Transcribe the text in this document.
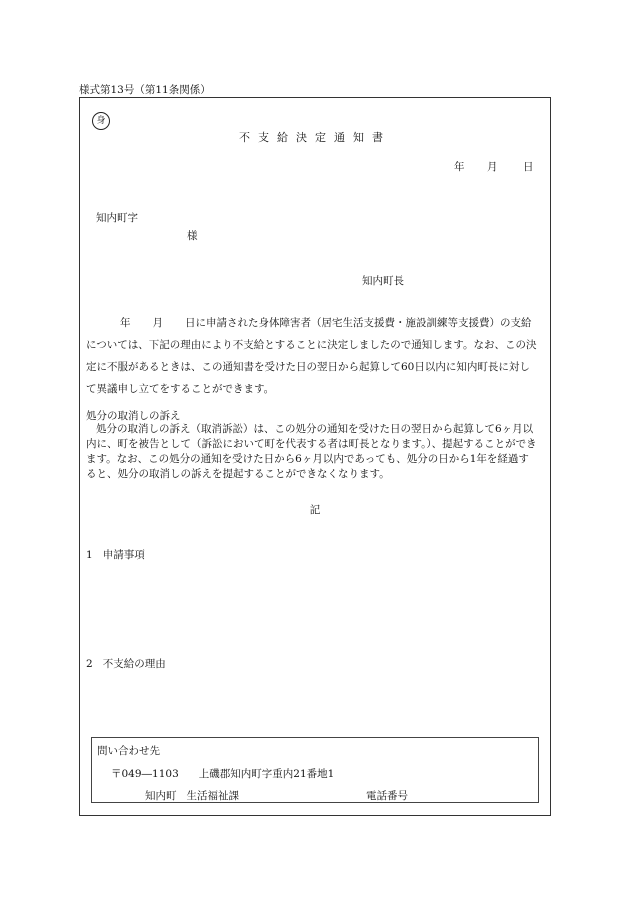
様式第13号（第11条関係）
身
不支給決定通知書
年 月 日
知内町字
様
知内町長
年 月 日に申請された身体障害者（居宅生活支援費・施設訓練等支援費）の支給については、下記の理由により不支給とすることに決定しましたので通知します。なお、この決定に不服があるときは、この通知書を受けた日の翌日から起算して60日以内に知内町長に対して異議申し立てをすることができます。
処分の取消しの訴え
処分の取消しの訴え（取消訴訟）は、この処分の通知を受けた日の翌日から起算して6ヶ月以内に、町を被告として（訴訟において町を代表する者は町長となります。）、提起することができます。なお、この処分の通知を受けた日から6ヶ月以内であっても、処分の日から1年を経過すると、処分の取消しの訴えを提起することができなくなります。
記
1 申請事項
2 不支給の理由
問い合わせ先
〒049―1103 上磯郡知内町字重内21番地1
知内町 生活福祉課	電話番号
